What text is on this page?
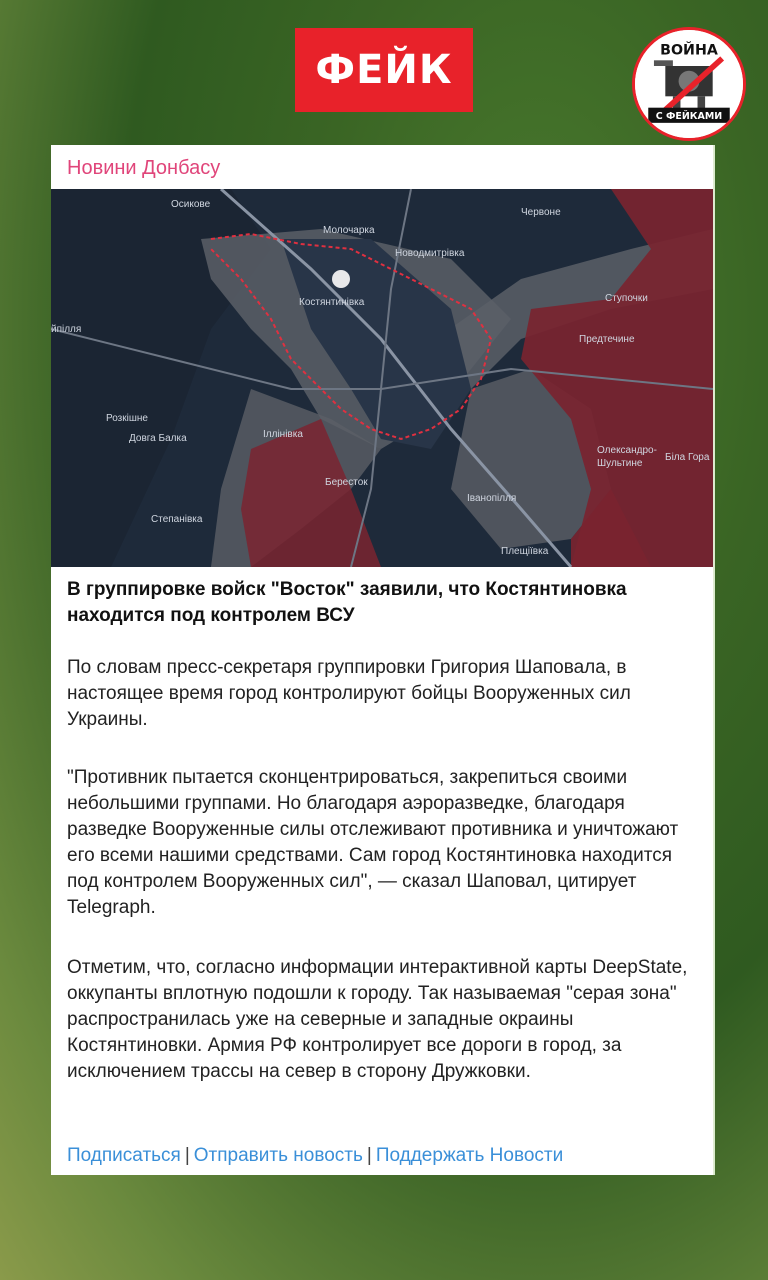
ФЕЙК	ВОЙНА
С ФЕЙКАМИ
Новини Донбасу
Осикове
Червоне
Молочарка
Новодмитрівка
Костянтинівка	Ступочки
Предтечине
йпілля
Розкішне
Довга Балка	Іллінівка
Олександро-
Шультине
Біла Гора
Бересток
Іванопілля
Степанівка
Плещіївка
В группировке войск "Восток" заявили, что Костянтиновка находится под контролем ВСУ
По словам пресс-секретаря группировки Григория Шаповала, в настоящее время город контролируют бойцы Вооруженных сил Украины.
"Противник пытается сконцентрироваться, закрепиться своими небольшими группами. Но благодаря аэроразведке, благодаря разведке Вооруженные силы отслеживают противника и уничтожают его всеми нашими средствами. Сам город Костянтиновка находится под контролем Вооруженных сил", — сказал Шаповал, цитирует Telegraph.
Отметим, что, согласно информации интерактивной карты DeepState, оккупанты вплотную подошли к городу. Так называемая "серая зона" распространилась уже на северные и западные окраины Костянтиновки. Армия РФ контролирует все дороги в город, за исключением трассы на север в сторону Дружковки.
Подписаться | Отправить новость | Поддержать Новости
